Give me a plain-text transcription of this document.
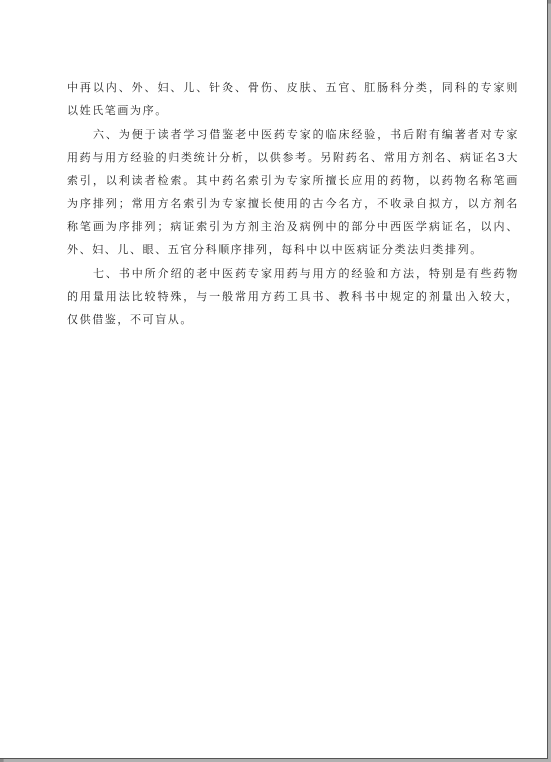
中再以内、外、妇、儿、针灸、骨伤、皮肤、五官、肛肠科分类，同科的专家则以姓氏笔画为序。

六、为便于读者学习借鉴老中医药专家的临床经验，书后附有编著者对专家用药与用方经验的归类统计分析，以供参考。另附药名、常用方剂名、病证名3大索引，以利读者检索。其中药名索引为专家所擅长应用的药物，以药物名称笔画为序排列；常用方名索引为专家擅长使用的古今名方，不收录自拟方，以方剂名称笔画为序排列；病证索引为方剂主治及病例中的部分中西医学病证名，以内、外、妇、儿、眼、五官分科顺序排列，每科中以中医病证分类法归类排列。

七、书中所介绍的老中医药专家用药与用方的经验和方法，特别是有些药物的用量用法比较特殊，与一般常用方药工具书、教科书中规定的剂量出入较大，仅供借鉴，不可盲从。
